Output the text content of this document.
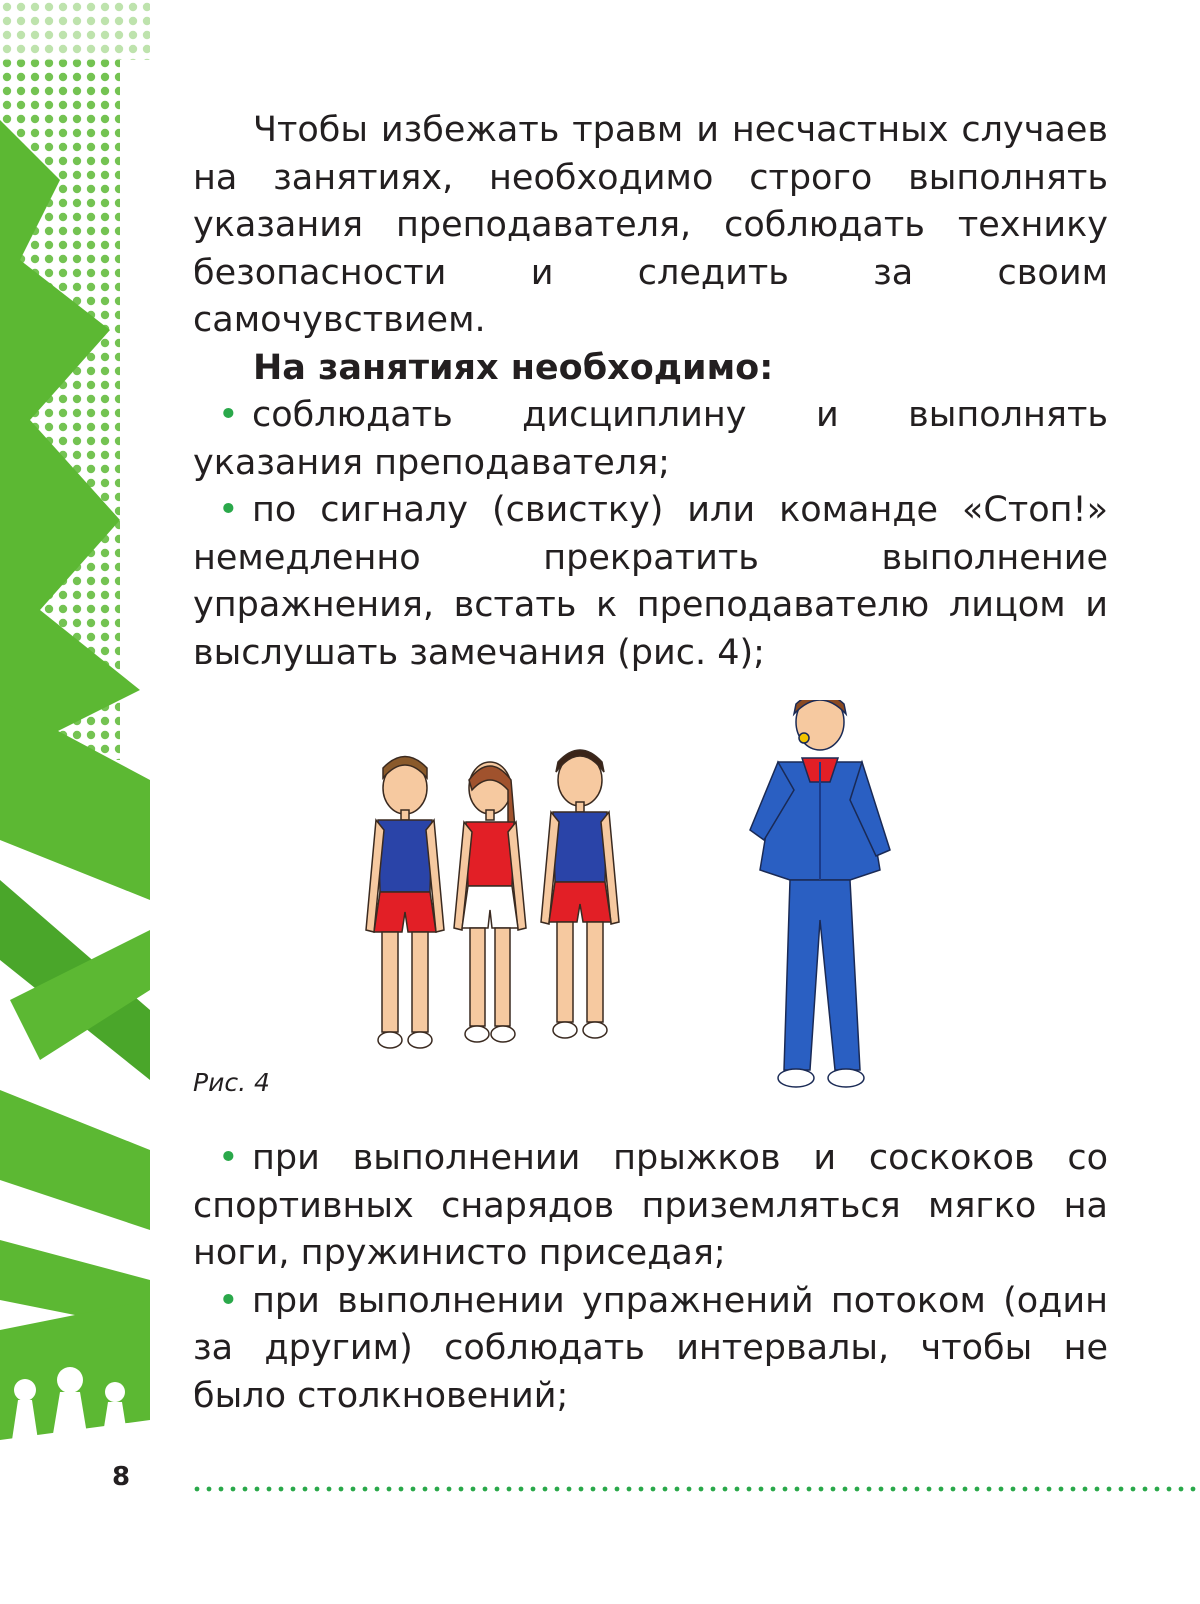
Чтобы избежать травм и несчастных случаев на занятиях, необходимо строго выполнять указания преподавателя, соблюдать технику безопасности и следить за своим самочувствием.

На занятиях необходимо:

• соблюдать дисциплину и выполнять указания преподавателя;

• по сигналу (свистку) или команде «Стоп!» немедленно прекратить выполнение упражнения, встать к преподавателю лицом и выслушать замечания (рис. 4);

Рис. 4

• при выполнении прыжков и соскоков со спортивных снарядов приземляться мягко на ноги, пружинисто приседая;

• при выполнении упражнений потоком (один за другим) соблюдать интервалы, чтобы не было столкновений;

8
